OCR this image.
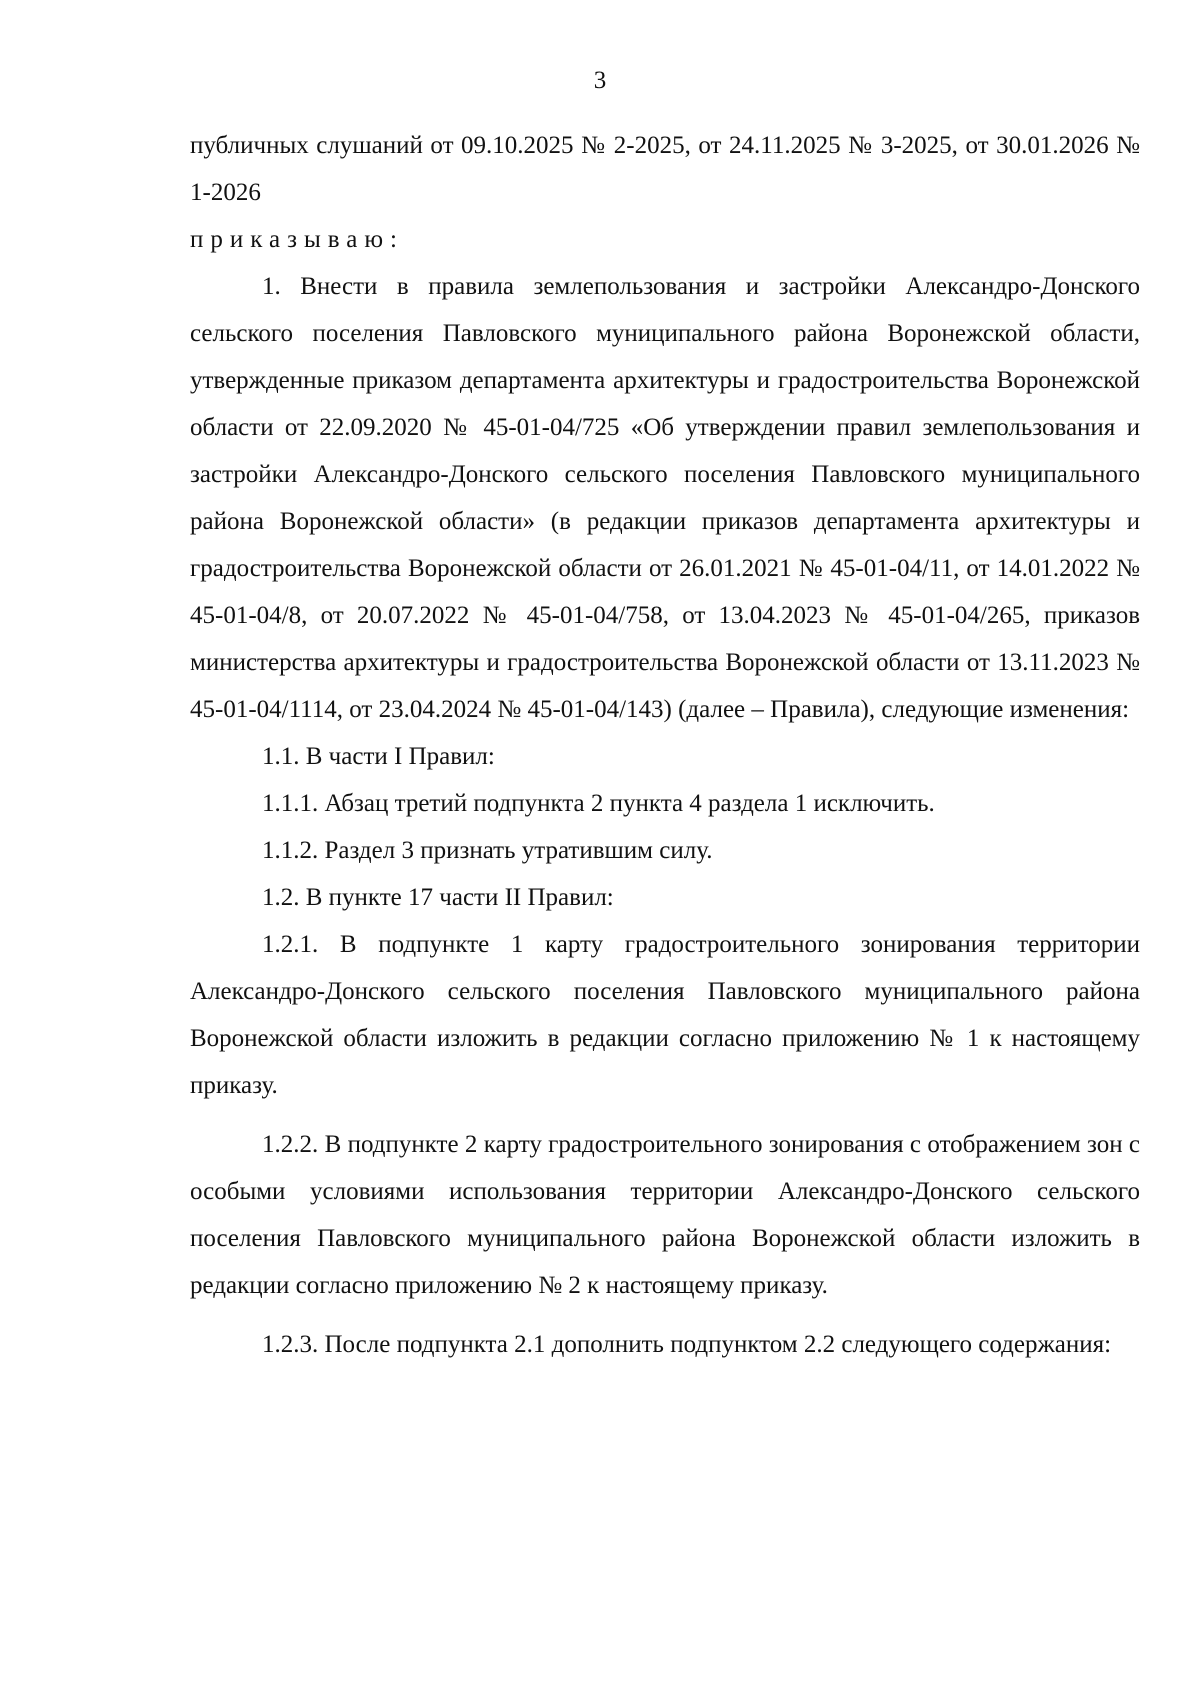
3

публичных слушаний от 09.10.2025 № 2-2025, от 24.11.2025 № 3-2025, от 30.01.2026 № 1-2026

приказываю:

1. Внести в правила землепользования и застройки Александро-Донского сельского поселения Павловского муниципального района Воронежской области, утвержденные приказом департамента архитектуры и градостроительства Воронежской области от 22.09.2020 № 45-01-04/725 «Об утверждении правил землепользования и застройки Александро-Донского сельского поселения Павловского муниципального района Воронежской области» (в редакции приказов департамента архитектуры и градостроительства Воронежской области от 26.01.2021 № 45-01-04/11, от 14.01.2022 № 45-01-04/8, от 20.07.2022 № 45-01-04/758, от 13.04.2023 № 45-01-04/265, приказов министерства архитектуры и градостроительства Воронежской области от 13.11.2023 № 45-01-04/1114, от 23.04.2024 № 45-01-04/143) (далее – Правила), следующие изменения:

1.1. В части I Правил:

1.1.1. Абзац третий подпункта 2 пункта 4 раздела 1 исключить.

1.1.2. Раздел 3 признать утратившим силу.

1.2. В пункте 17 части II Правил:

1.2.1. В подпункте 1 карту градостроительного зонирования территории Александро-Донского сельского поселения Павловского муниципального района Воронежской области изложить в редакции согласно приложению № 1 к настоящему приказу.

1.2.2. В подпункте 2 карту градостроительного зонирования с отображением зон с особыми условиями использования территории Александро-Донского сельского поселения Павловского муниципального района Воронежской области изложить в редакции согласно приложению № 2 к настоящему приказу.

1.2.3. После подпункта 2.1 дополнить подпунктом 2.2 следующего содержания:
